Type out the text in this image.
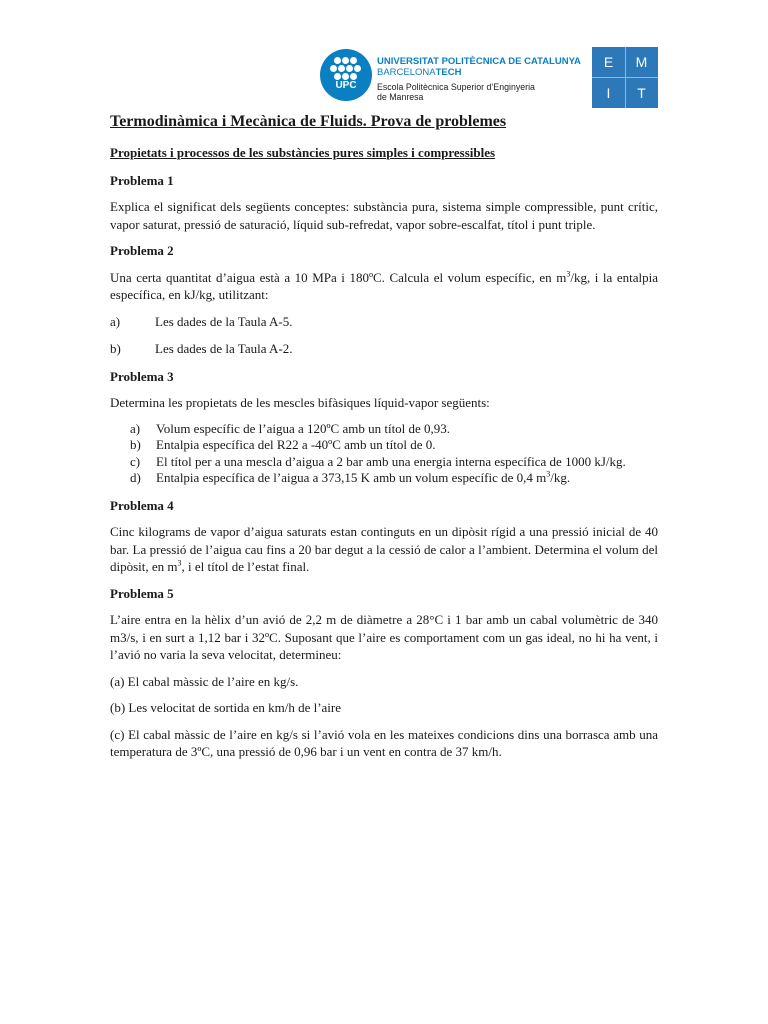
UPC
UNIVERSITAT POLITÈCNICA DE CATALUNYA
BARCELONATECH
Escola Politècnica Superior d’Enginyeria
de Manresa
E	M
I	T
Termodinàmica i Mecànica de Fluids. Prova de problemes
Propietats i processos de les substàncies pures simples i compressibles
Problema 1
Explica el significat dels següents conceptes: substància pura, sistema simple compressible, punt crític, vapor saturat, pressió de saturació, líquid sub-refredat, vapor sobre-escalfat, títol i punt triple.
Problema 2
Una certa quantitat d’aigua està a 10 MPa i 180ºC. Calcula el volum específic, en $m^3/kg$, i la entalpia específica, en kJ/kg, utilitzant:
a)	Les dades de la Taula A-5.
b)	Les dades de la Taula A-2.
Problema 3
Determina les propietats de les mescles bifàsiques líquid-vapor següents:
a) Volum específic de l’aigua a 120ºC amb un títol de 0,93.
b) Entalpia específica del R22 a -40ºC amb un títol de 0.
c) El títol per a una mescla d’aigua a 2 bar amb una energia interna específica de 1000 kJ/kg.
d) Entalpia específica de l’aigua a 373,15 K amb un volum específic de 0,4 $m^3/kg$.
Problema 4
Cinc kilograms de vapor d’aigua saturats estan continguts en un dipòsit rígid a una pressió inicial de 40 bar. La pressió de l’aigua cau fins a 20 bar degut a la cessió de calor a l’ambient. Determina el volum del dipòsit, en $m^3$, i el títol de l’estat final.
Problema 5
L’aire entra en la hèlix d’un avió de 2,2 m de diàmetre a 28°C i 1 bar amb un cabal volumètric de 340 m3/s, i en surt a 1,12 bar i 32ºC. Suposant que l’aire es comportament com un gas ideal, no hi ha vent, i l’avió no varia la seva velocitat, determineu:
(a) El cabal màssic de l’aire en kg/s.
(b) Les velocitat de sortida en km/h de l’aire
(c) El cabal màssic de l’aire en kg/s si l’avió vola en les mateixes condicions dins una borrasca amb una temperatura de 3ºC, una pressió de 0,96 bar i un vent en contra de 37 km/h.
